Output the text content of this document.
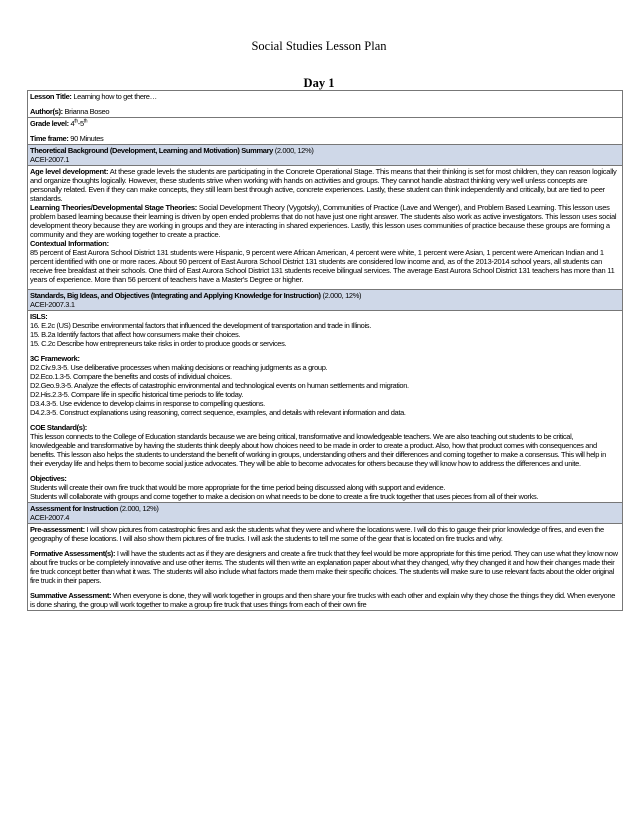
Social Studies Lesson Plan
Day 1
Lesson Title: Learning how to get there…
Author(s): Brianna Boseo

Grade level: 4th-5th
Time frame: 90 Minutes

Theoretical Background (Development, Learning and Motivation) Summary (2.000, 12%)
ACEI-2007.1

Age level development: At these grade levels the students are participating in the Concrete Operational Stage. This means that their thinking is set for most children, they can reason logically and organize thoughts logically. However, these students strive when working with hands on activities and groups. They cannot handle abstract thinking very well unless concepts are personally related. Even if they can make concepts, they still learn best through active, concrete experiences. Lastly, these student can think independently and critically, but are tied to peer standards.

Learning Theories/Developmental Stage Theories: Social Development Theory (Vygotsky), Communities of Practice (Lave and Wenger), and Problem Based Learning. This lesson uses problem based learning because their learning is driven by open ended problems that do not have just one right answer. The students also work as active investigators. This lesson uses social development theory because they are working in groups and they are interacting in shared experiences. Lastly, this lesson uses communities of practice because these groups are forming a community and they are working together to create a practice.

Contextual Information:

85 percent of East Aurora School District 131 students were Hispanic, 9 percent were African American, 4 percent were white, 1 percent were Asian, 1 percent were American Indian and 1 percent identified with one or more races. About 90 percent of East Aurora School District 131 students are considered low income and, as of the 2013-2014 school years, all students can receive free breakfast at their schools. One third of East Aurora School District 131 students receive bilingual services. The average East Aurora School District 131 teachers has more than 11 years of experience. More than 56 percent of teachers have a Master's Degree or higher.

Standards, Big Ideas, and Objectives (Integrating and Applying Knowledge for Instruction) (2.000, 12%)
ACEI-2007.3.1

ISLS:
16. E.2c (US) Describe environmental factors that influenced the development of transportation and trade in Illinois.
15. B.2a Identify factors that affect how consumers make their choices.
15. C.2c Describe how entrepreneurs take risks in order to produce goods or services.
3C Framework:
D2.Civ.9.3-5. Use deliberative processes when making decisions or reaching judgments as a group.
D2.Eco.1.3-5. Compare the benefits and costs of individual choices.
D2.Geo.9.3-5. Analyze the effects of catastrophic environmental and technological events on human settlements and migration.
D2.His.2.3-5. Compare life in specific historical time periods to life today.
D3.4.3-5. Use evidence to develop claims in response to compelling questions.
D4.2.3-5. Construct explanations using reasoning, correct sequence, examples, and details with relevant information and data.
COE Standard(s):
This lesson connects to the College of Education standards because we are being critical, transformative and knowledgeable teachers. We are also teaching out students to be critical, knowledgeable and transformative by having the students think deeply about how choices need to be made in order to create a product. Also, how that product comes with consequences and benefits. This lesson also helps the students to understand the benefit of working in groups, understanding others and their differences and coming together to make a consensus. This will help in their everyday life and helps them to become social justice advocates. They will be able to become advocates for others because they will know how to address the differences and unite.
Objectives:
Students will create their own fire truck that would be more appropriate for the time period being discussed along with support and evidence.
Students will collaborate with groups and come together to make a decision on what needs to be done to create a fire truck together that uses pieces from all of their works.

Assessment for Instruction (2.000, 12%)
ACEI-2007.4

Pre-assessment: I will show pictures from catastrophic fires and ask the students what they were and where the locations were. I will do this to gauge their prior knowledge of fires, and even the geography of these locations. I will also show them pictures of fire trucks. I will ask the students to tell me some of the gear that is located on fire trucks and why.
Formative Assessment(s): I will have the students act as if they are designers and create a fire truck that they feel would be more appropriate for this time period. They can use what they know now about fire trucks or be completely innovative and use other items. The students will then write an explanation paper about what they changed, why they changed it and how their changes made their fire truck concept better than what it was. The students will also include what factors made them make their specific choices. The students will make sure to use relevant facts about the older original fire truck in their papers.
Summative Assessment: When everyone is done, they will work together in groups and then share your fire trucks with each other and explain why they chose the things they did. When everyone is done sharing, the group will work together to make a group fire truck that uses things from each of their own fire
